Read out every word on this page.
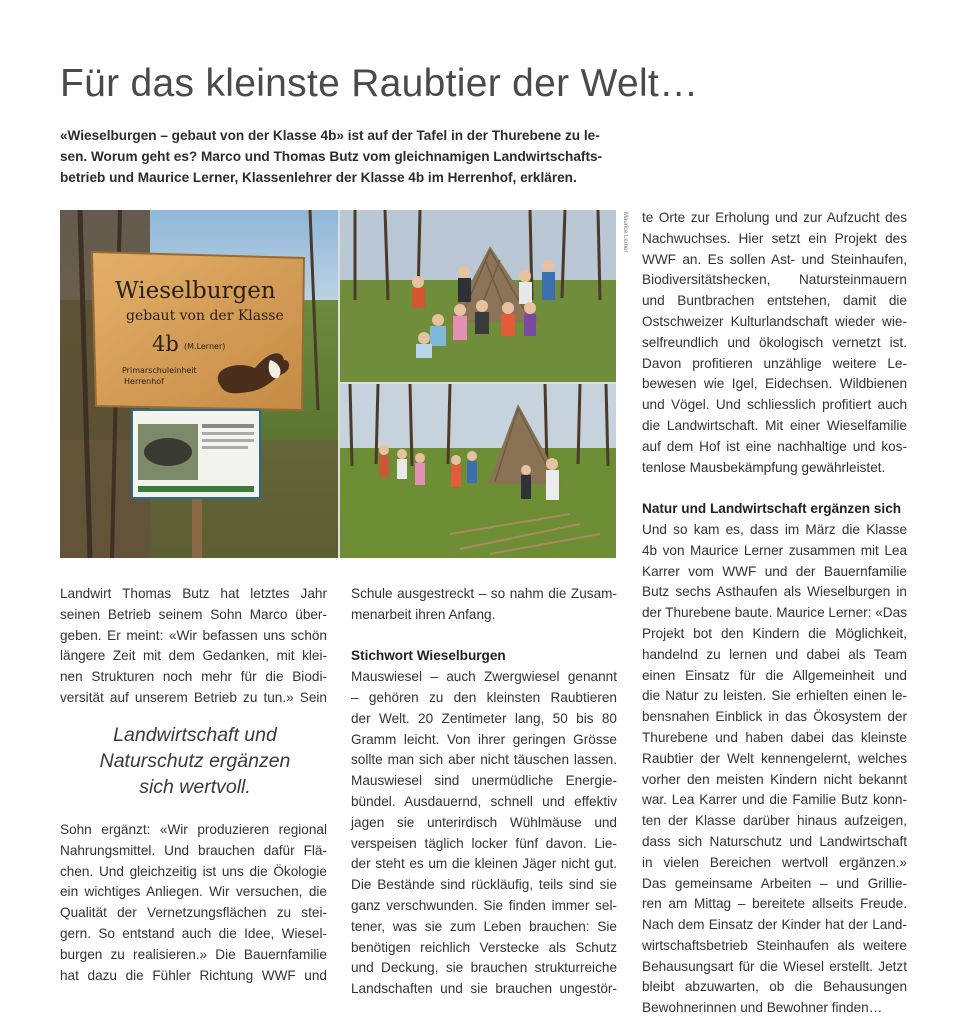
Für das kleinste Raubtier der Welt…
«Wieselburgen – gebaut von der Klasse 4b» ist auf der Tafel in der Thurebene zu le-
sen. Worum geht es? Marco und Thomas Butz vom gleichnamigen Landwirtschafts-
betrieb und Maurice Lerner, Klassenlehrer der Klasse 4b im Herrenhof, erklären.
Wieselburgen
gebaut von der Klasse
4b (M.Lerner)
Primarschuleinheit
Herrenhof
Maurice Lerner

Landwirt Thomas Butz hat letztes Jahr
seinen Betrieb seinem Sohn Marco über-
geben. Er meint: «Wir befassen uns schön
längere Zeit mit dem Gedanken, mit klei-
nen Strukturen noch mehr für die Biodi-
versität auf unserem Betrieb zu tun.» Sein

Landwirtschaft und
Naturschutz ergänzen
sich wertvoll.

Sohn ergänzt: «Wir produzieren regional
Nahrungsmittel. Und brauchen dafür Flä-
chen. Und gleichzeitig ist uns die Ökologie
ein wichtiges Anliegen. Wir versuchen, die
Qualität der Vernetzungsflächen zu stei-
gern. So entstand auch die Idee, Wiesel-
burgen zu realisieren.» Die Bauernfamilie
hat dazu die Fühler Richtung WWF und

Schule ausgestreckt – so nahm die Zusam-
menarbeit ihren Anfang.

Stichwort Wieselburgen

Mauswiesel – auch Zwergwiesel genannt
– gehören zu den kleinsten Raubtieren
der Welt. 20 Zentimeter lang, 50 bis 80
Gramm leicht. Von ihrer geringen Grösse
sollte man sich aber nicht täuschen lassen.
Mauswiesel sind unermüdliche Energie-
bündel. Ausdauernd, schnell und effektiv
jagen sie unterirdisch Wühlmäuse und
verspeisen täglich locker fünf davon. Lie-
der steht es um die kleinen Jäger nicht gut.
Die Bestände sind rückläufig, teils sind sie
ganz verschwunden. Sie finden immer sel-
tener, was sie zum Leben brauchen: Sie
benötigen reichlich Verstecke als Schutz
und Deckung, sie brauchen strukturreiche
Landschaften und sie brauchen ungestör-

te Orte zur Erholung und zur Aufzucht des
Nachwuchses. Hier setzt ein Projekt des
WWF an. Es sollen Ast- und Steinhaufen,
Biodiversitätshecken, Natursteinmauern
und Buntbrachen entstehen, damit die
Ostschweizer Kulturlandschaft wieder wie-
selfreundlich und ökologisch vernetzt ist.
Davon profitieren unzählige weitere Le-
bewesen wie Igel, Eidechsen. Wildbienen
und Vögel. Und schliesslich profitiert auch
die Landwirtschaft. Mit einer Wieselfamilie
auf dem Hof ist eine nachhaltige und kos-
tenlose Mausbekämpfung gewährleistet.

Natur und Landwirtschaft ergänzen sich

Und so kam es, dass im März die Klasse
4b von Maurice Lerner zusammen mit Lea
Karrer vom WWF und der Bauernfamilie
Butz sechs Asthaufen als Wieselburgen in
der Thurebene baute. Maurice Lerner: «Das
Projekt bot den Kindern die Möglichkeit,
handelnd zu lernen und dabei als Team
einen Einsatz für die Allgemeinheit und
die Natur zu leisten. Sie erhielten einen le-
bensnahen Einblick in das Ökosystem der
Thurebene und haben dabei das kleinste
Raubtier der Welt kennengelernt, welches
vorher den meisten Kindern nicht bekannt
war. Lea Karrer und die Familie Butz konn-
ten der Klasse darüber hinaus aufzeigen,
dass sich Naturschutz und Landwirtschaft
in vielen Bereichen wertvoll ergänzen.»
Das gemeinsame Arbeiten – und Grillie-
ren am Mittag – bereitete allseits Freude.
Nach dem Einsatz der Kinder hat der Land-
wirtschaftsbetrieb Steinhaufen als weitere
Behausungsart für die Wiesel erstellt. Jetzt
bleibt abzuwarten, ob die Behausungen
Bewohnerinnen und Bewohner finden…
